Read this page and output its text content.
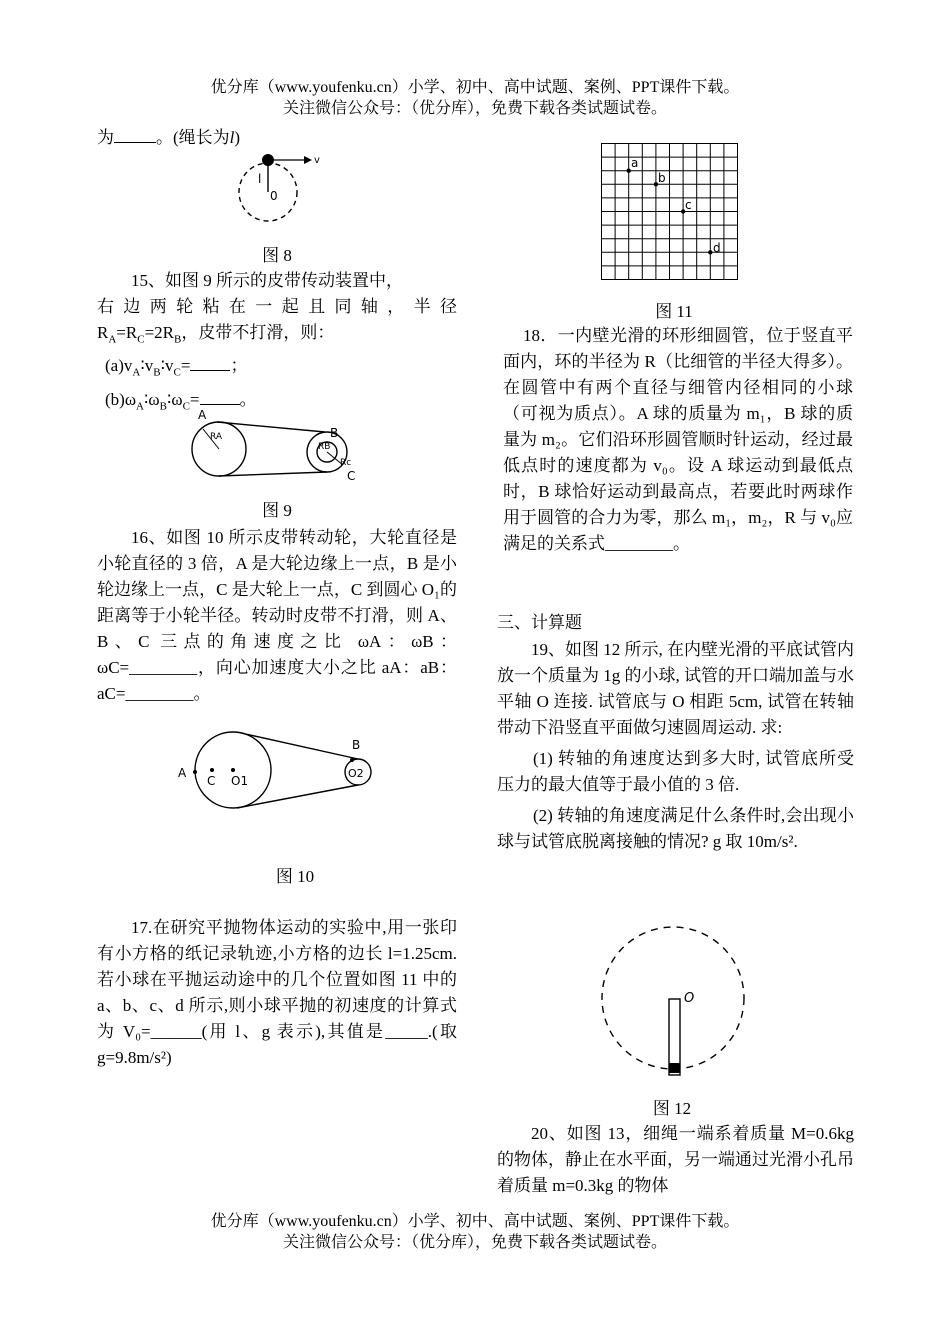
优分库（www.youfenku.cn）小学、初中、高中试题、案例、PPT课件下载。
关注微信公众号：（优分库），免费下载各类试题试卷。
为 。(绳长为l)
l
0
v
图 8

15、如图 9 所示的皮带传动装置中，

右边两轮粘在一起且同轴，半径

$R_A=R_C=2R_B$，皮带不打滑，则：

$(a)v_A∶v_B∶v_C=$ ；

$(b)\omega_A∶\omega_B∶\omega_C=$ 。

A
RA	B
RB
Rc
C
图 9

16、如图 10 所示皮带转动轮，大轮直径是小轮直径的 3 倍，A 是大轮边缘上一点，B 是小轮边缘上一点，C 是大轮上一点，C 到圆心 O₁的距离等于小轮半径。转动时皮带不打滑，则 A、B、C 三点的角速度之比 ωA：ωB：ωC=________，向心加速度大小之比 aA：aB：aC=________。

A
C O1
B
O2
图 10

17.在研究平抛物体运动的实验中,用一张印有小方格的纸记录轨迹,小方格的边长 l=1.25cm.若小球在平抛运动途中的几个位置如图 11 中的 a、b、c、d 所示,则小球平抛的初速度的计算式为 V₀=______(用 l、g 表示),其值是_____.(取 g=9.8m/s²)

a
b
c
d
图 11

18．一内壁光滑的环形细圆管，位于竖直平面内，环的半径为 R（比细管的半径大得多）。在圆管中有两个直径与细管内径相同的小球（可视为质点）。A 球的质量为 m₁，B 球的质量为 m₂。它们沿环形圆管顺时针运动，经过最低点时的速度都为 v₀。设 A 球运动到最低点时，B 球恰好运动到最高点，若要此时两球作用于圆管的合力为零，那么 m₁，m₂，R 与 v₀应满足的关系式________。

三、计算题

19、如图 12 所示, 在内壁光滑的平底试管内放一个质量为 1g 的小球, 试管的开口端加盖与水平轴 O 连接. 试管底与 O 相距 5cm, 试管在转轴带动下沿竖直平面做匀速圆周运动. 求:

(1) 转轴的角速度达到多大时, 试管底所受压力的最大值等于最小值的 3 倍.

(2) 转轴的角速度满足什么条件时,会出现小球与试管底脱离接触的情况? g 取 10m/s².

O
图 12

20、如图 13，细绳一端系着质量 M=0.6kg 的物体，静止在水平面，另一端通过光滑小孔吊着质量 m=0.3kg 的物体

优分库（www.youfenku.cn）小学、初中、高中试题、案例、PPT课件下载。
关注微信公众号：（优分库），免费下载各类试题试卷。
